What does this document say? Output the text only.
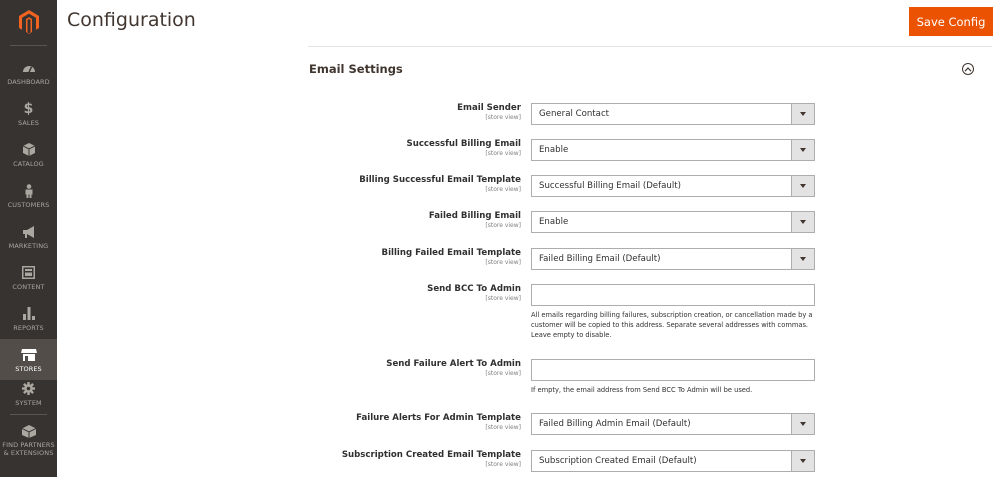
DASHBOARD
$
SALES
CATALOG
CUSTOMERS
MARKETING
CONTENT
REPORTS
STORES
SYSTEM
FIND PARTNERS
& EXTENSIONS
Configuration	Save Config
Email Settings
Email Sender
[store view] General Contact
Successful Billing Email
[store view] Enable
Billing Successful Email Template
[store view] Successful Billing Email (Default)
Failed Billing Email
[store view] Enable
Billing Failed Email Template
[store view] Failed Billing Email (Default)
Send BCC To Admin
[store view]
All emails regarding billing failures, subscription creation, or cancellation made by a customer will be copied to this address. Separate several addresses with commas. Leave empty to disable.
Send Failure Alert To Admin
[store view]
If empty, the email address from Send BCC To Admin will be used.
Failure Alerts For Admin Template
[store view] Failed Billing Admin Email (Default)
Subscription Created Email Template
[store view] Subscription Created Email (Default)
